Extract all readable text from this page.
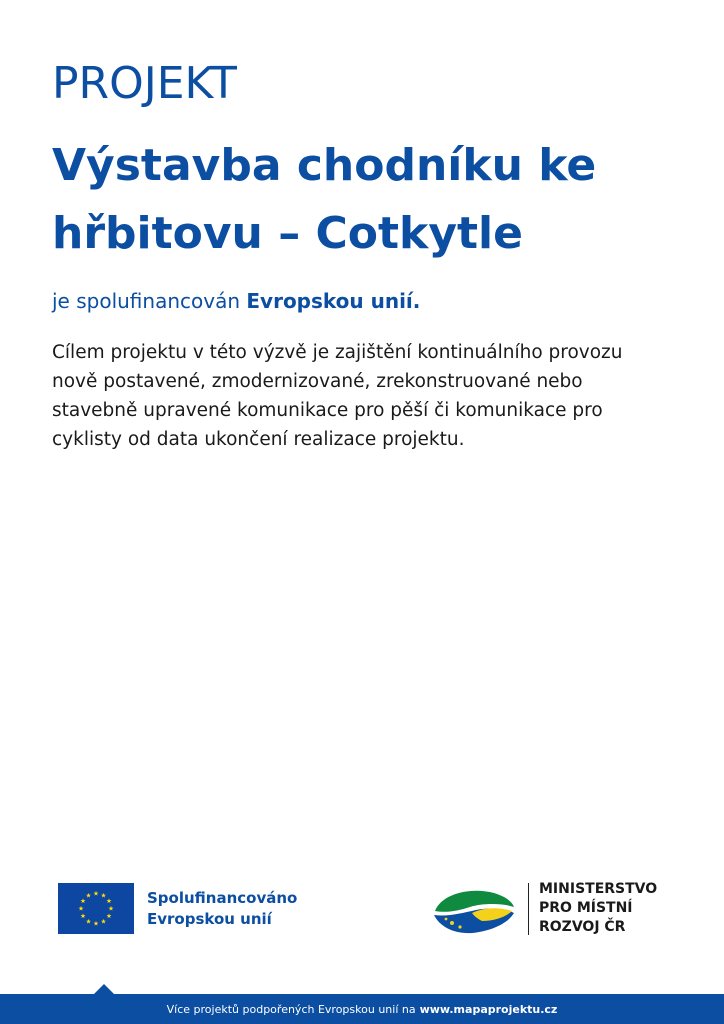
PROJEKT
Výstavba chodníku ke hřbitovu – Cotkytle
je spolufinancován Evropskou unií.
Cílem projektu v této výzvě je zajištění kontinuálního provozu nově postavené, zmodernizované, zrekonstruované nebo stavebně upravené komunikace pro pěší či komunikace pro cyklisty od data ukončení realizace projektu.
Spolufinancováno
Evropskou unií
MINISTERSTVO
PRO MÍSTNÍ
ROZVOJ ČR
Více projektů podpořených Evropskou unií na www.mapaprojektu.cz
